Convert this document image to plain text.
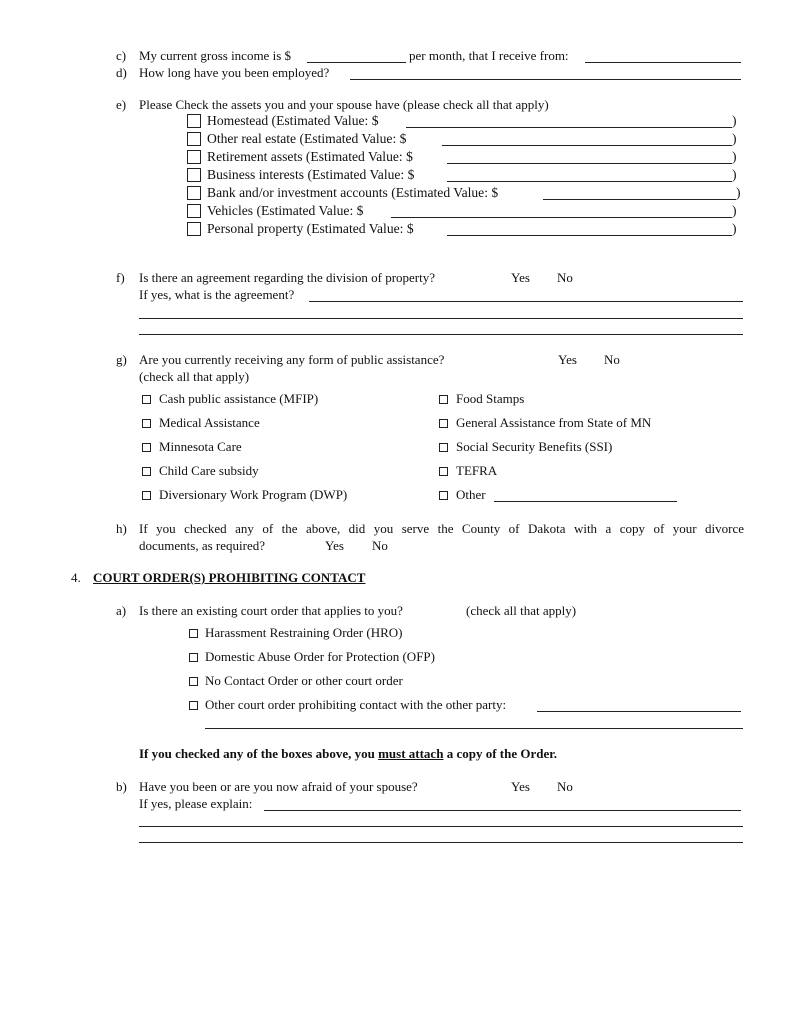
c) My current gross income is $	per month, that I receive from:
d) How long have you been employed?
e) Please Check the assets you and your spouse have (please check all that apply)
Homestead (Estimated Value: $	)
Other real estate (Estimated Value: $	)
Retirement assets (Estimated Value: $	)
Business interests (Estimated Value: $	)
Bank and/or investment accounts (Estimated Value: $	)
Vehicles (Estimated Value: $	)
Personal property (Estimated Value: $	)
f) Is there an agreement regarding the division of property?	Yes No
If yes, what is the agreement?
g) Are you currently receiving any form of public assistance?	Yes No
(check all that apply)
Cash public assistance (MFIP)
Medical Assistance
Minnesota Care
Child Care subsidy
Diversionary Work Program (DWP)
Food Stamps
General Assistance from State of MN
Social Security Benefits (SSI)
TEFRA
Other
h) If you checked any of the above, did you serve the County of Dakota with a copy of your divorce
documents, as required?	Yes No
4. COURT ORDER(S) PROHIBITING CONTACT
a) Is there an existing court order that applies to you?	(check all that apply)
Harassment Restraining Order (HRO)
Domestic Abuse Order for Protection (OFP)
No Contact Order or other court order
Other court order prohibiting contact with the other party:
If you checked any of the boxes above, you must attach a copy of the Order.
b) Have you been or are you now afraid of your spouse?	Yes No
If yes, please explain:
